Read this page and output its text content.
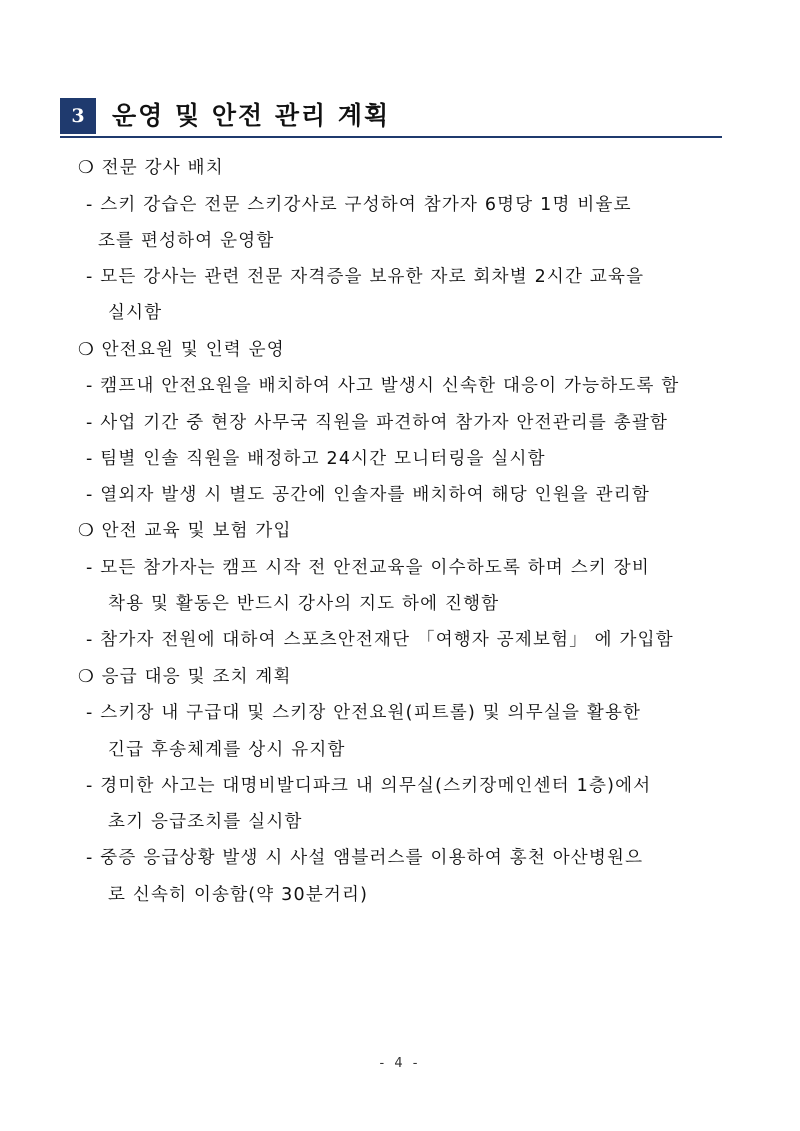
3	운영 및 안전 관리 계획
❍ 전문 강사 배치
- 스키 강습은 전문 스키강사로 구성하여 참가자 6명당 1명 비율로
조를 편성하여 운영함
- 모든 강사는 관련 전문 자격증을 보유한 자로 회차별 2시간 교육을
실시함
❍ 안전요원 및 인력 운영
- 캠프내 안전요원을 배치하여 사고 발생시 신속한 대응이 가능하도록 함
- 사업 기간 중 현장 사무국 직원을 파견하여 참가자 안전관리를 총괄함
- 팀별 인솔 직원을 배정하고 24시간 모니터링을 실시함
- 열외자 발생 시 별도 공간에 인솔자를 배치하여 해당 인원을 관리함
❍ 안전 교육 및 보험 가입
- 모든 참가자는 캠프 시작 전 안전교육을 이수하도록 하며 스키 장비
착용 및 활동은 반드시 강사의 지도 하에 진행함
- 참가자 전원에 대하여 스포츠안전재단 「여행자 공제보험」 에 가입함
❍ 응급 대응 및 조치 계획
- 스키장 내 구급대 및 스키장 안전요원(피트롤) 및 의무실을 활용한
긴급 후송체계를 상시 유지함
- 경미한 사고는 대명비발디파크 내 의무실(스키장메인센터 1층)에서
초기 응급조치를 실시함
- 중증 응급상황 발생 시 사설 앰블러스를 이용하여 홍천 아산병원으
로 신속히 이송함(약 30분거리)
- 4 -
